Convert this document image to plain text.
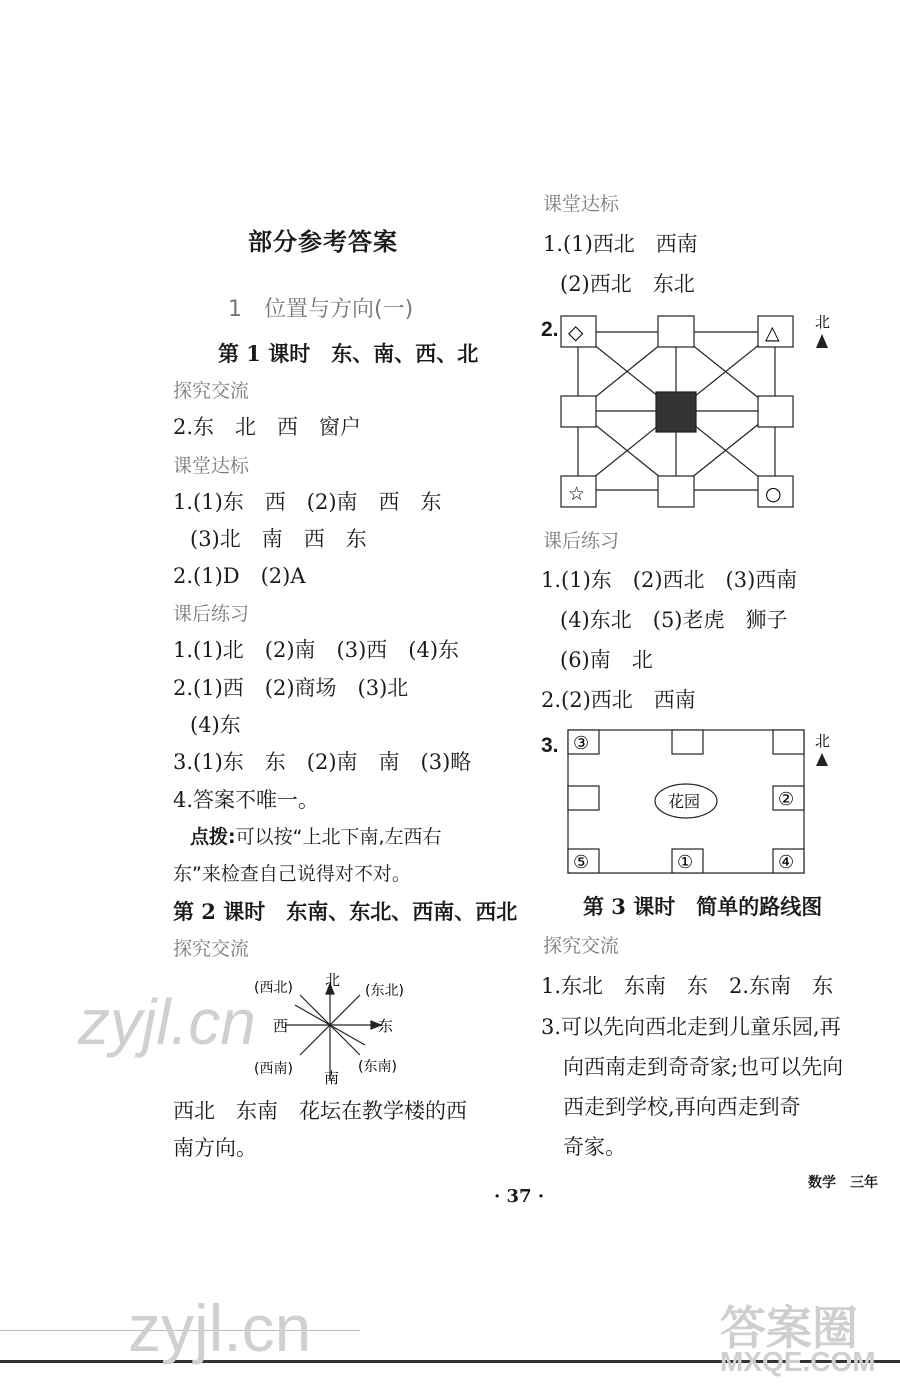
部分参考答案
1　位置与方向(一)
第 1 课时　东、南、西、北
探究交流
2.东　北　西　窗户
课堂达标
1.(1)东　西　(2)南　西　东
(3)北　南　西　东
2.(1)D　(2)A
课后练习
1.(1)北　(2)南　(3)西　(4)东
2.(1)西　(2)商场　(3)北
(4)东
3.(1)东　东　(2)南　南　(3)略
4.答案不唯一。
点拨:可以按“上北下南,左西右
东”来检查自己说得对不对。
第 2 课时　东南、东北、西南、西北
探究交流
北
南
东
西
(西北)	(东北)
(西南)	(东南)
西北　东南　花坛在教学楼的西
南方向。
课堂达标
1.(1)西北　西南
(2)西北　东北
2. ◇	△
☆	○
北
课后练习
1.(1)东　(2)西北　(3)西南
(4)东北　(5)老虎　狮子
(6)南　北
2.(2)西北　西南
3. ③
②
⑤	①	④
花园
北
第 3 课时　简单的路线图
探究交流
1.东北　东南　东　2.东南　东
3.可以先向西北走到儿童乐园,再
向西南走到奇奇家;也可以先向
西走到学校,再向西走到奇
奇家。
· 37 ·
数学　三年
zyjl.cn
zyjl.cn	答案圈
MXQE.COM
